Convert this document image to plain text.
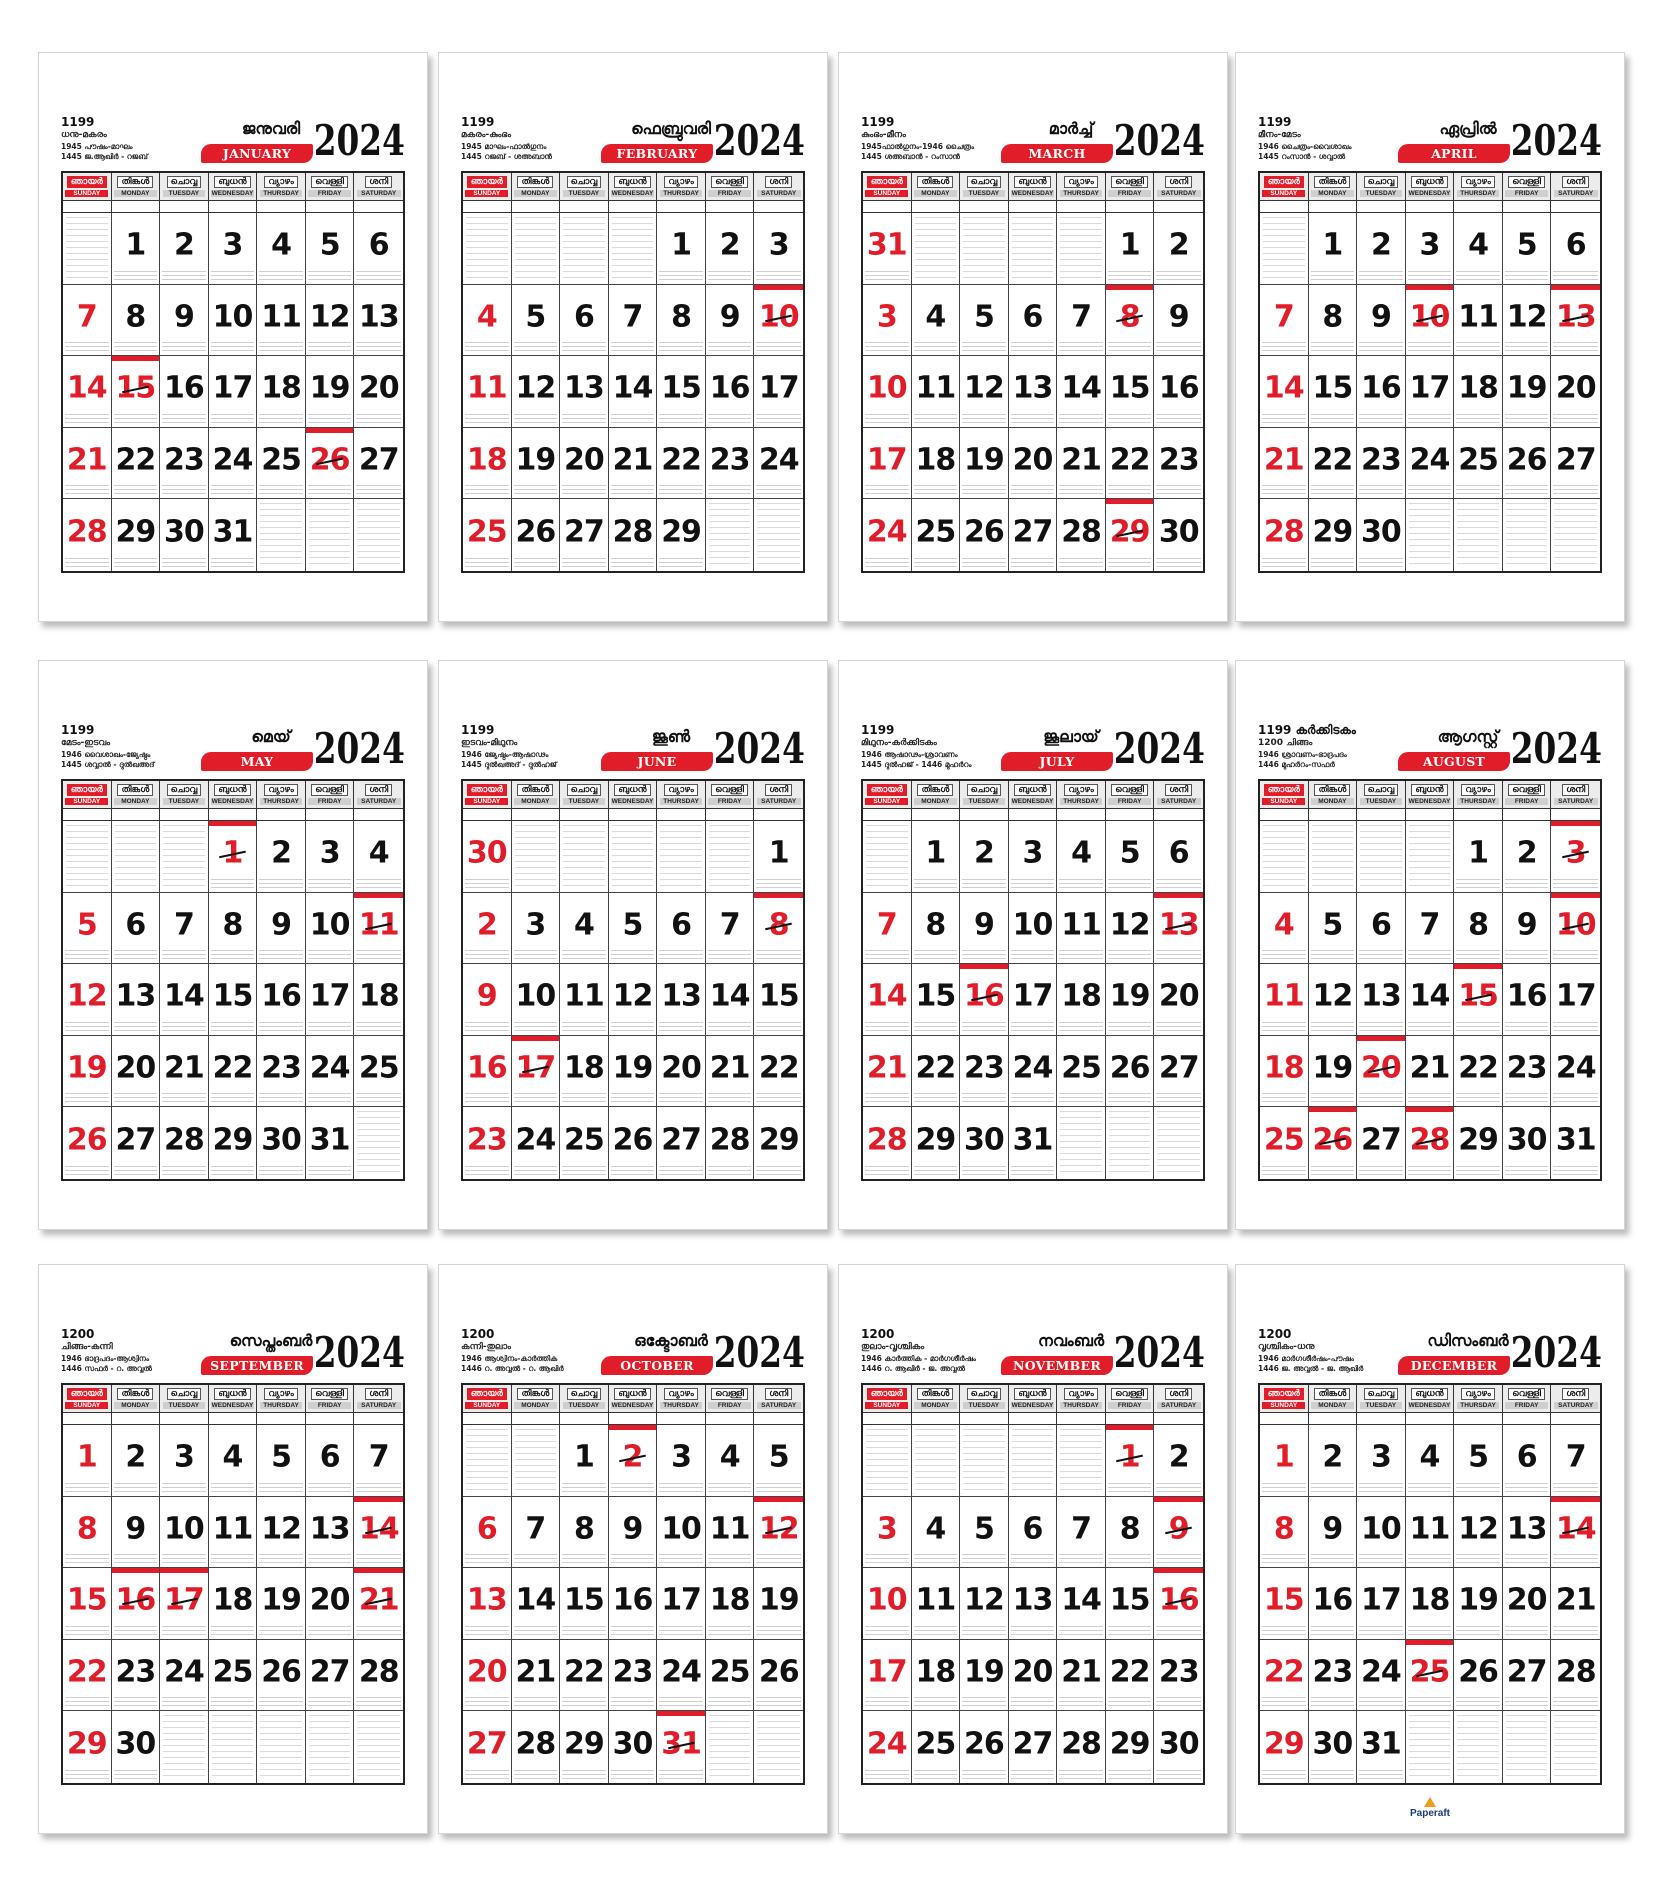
1199
ധനു-മകരം
1945 പൗഷം-മാഘം
1445 ജ.ആഖിർ - റജബ്
ജനുവരി
JANUARY 2024
ഞായർ
SUNDAY
തിങ്കൾ
MONDAY
ചൊവ്വ
TUESDAY
ബുധൻ
WEDNESDAY
വ്യാഴം
THURSDAY
വെള്ളി
FRIDAY
ശനി
SATURDAY
1 2 3 4 5 6
7 8 9 10 11 12 13
14 15 16 17 18 19 20
21 22 23 24 25 26 27
28 29 30 31
1199
മകരം-കുംഭം
1945 മാഘം-ഫാൽഗുനം
1445 റജബ് - ശഅബാൻ
ഫെബ്രുവരി
FEBRUARY 2024
ഞായർ
SUNDAY
തിങ്കൾ
MONDAY
ചൊവ്വ
TUESDAY
ബുധൻ
WEDNESDAY
വ്യാഴം
THURSDAY
വെള്ളി
FRIDAY
ശനി
SATURDAY
1 2 3
4 5 6 7 8 9 10
11 12 13 14 15 16 17
18 19 20 21 22 23 24
25 26 27 28 29
1199
കുംഭം-മീനം
1945ഫാൽഗുനം-1946 ചൈത്രം
1445 ശഅബാൻ - റംസാൻ
മാർച്ച്
MARCH 2024
ഞായർ
SUNDAY
തിങ്കൾ
MONDAY
ചൊവ്വ
TUESDAY
ബുധൻ
WEDNESDAY
വ്യാഴം
THURSDAY
വെള്ളി
FRIDAY
ശനി
SATURDAY
31	1 2
3 4 5 6 7 8 9
10 11 12 13 14 15 16
17 18 19 20 21 22 23
24 25 26 27 28 29 30
1199
മീനം-മേടം
1946 ചൈത്രം-വൈശാഖം
1445 റംസാൻ - ശവ്വാൽ
ഏപ്രിൽ
APRIL 2024
ഞായർ
SUNDAY
തിങ്കൾ
MONDAY
ചൊവ്വ
TUESDAY
ബുധൻ
WEDNESDAY
വ്യാഴം
THURSDAY
വെള്ളി
FRIDAY
ശനി
SATURDAY
1 2 3 4 5 6
7 8 9 10 11 12 13
14 15 16 17 18 19 20
21 22 23 24 25 26 27
28 29 30
1199
മേടം-ഇടവം
1946 വൈശാഖം-ജ്യേഷ്ഠം
1445 ശവ്വാൽ - ദുൽഖഅദ്
മെയ്
MAY 2024
ഞായർ
SUNDAY
തിങ്കൾ
MONDAY
ചൊവ്വ
TUESDAY
ബുധൻ
WEDNESDAY
വ്യാഴം
THURSDAY
വെള്ളി
FRIDAY
ശനി
SATURDAY
1 2 3 4
5 6 7 8 9 10 11
12 13 14 15 16 17 18
19 20 21 22 23 24 25
26 27 28 29 30 31
1199
ഇടവം-മിഥുനം
1946 ജ്യേഷ്ഠം-ആഷാഢം
1445 ദുൽഖഅദ് - ദുൽഹജ്
ജൂൺ
JUNE 2024
ഞായർ
SUNDAY
തിങ്കൾ
MONDAY
ചൊവ്വ
TUESDAY
ബുധൻ
WEDNESDAY
വ്യാഴം
THURSDAY
വെള്ളി
FRIDAY
ശനി
SATURDAY
30	1
2 3 4 5 6 7 8
9 10 11 12 13 14 15
16 17 18 19 20 21 22
23 24 25 26 27 28 29
1199
മിഥുനം-കർക്കിടകം
1946 ആഷാഢം-ശ്രാവണം
1445 ദുൽഹജ് - 1446 മുഹർറം
ജൂലായ്
JULY 2024
ഞായർ
SUNDAY
തിങ്കൾ
MONDAY
ചൊവ്വ
TUESDAY
ബുധൻ
WEDNESDAY
വ്യാഴം
THURSDAY
വെള്ളി
FRIDAY
ശനി
SATURDAY
1 2 3 4 5 6
7 8 9 10 11 12 13
14 15 16 17 18 19 20
21 22 23 24 25 26 27
28 29 30 31
1199 കർക്കിടകം
1200 ചിങ്ങം
1946 ശ്രാവണം-ഭാദ്രപദം
1446 മുഹർറം-സഫർ
ആഗസ്റ്റ്
AUGUST 2024
ഞായർ
SUNDAY
തിങ്കൾ
MONDAY
ചൊവ്വ
TUESDAY
ബുധൻ
WEDNESDAY
വ്യാഴം
THURSDAY
വെള്ളി
FRIDAY
ശനി
SATURDAY
1 2 3
4 5 6 7 8 9 10
11 12 13 14 15 16 17
18 19 20 21 22 23 24
25 26 27 28 29 30 31
1200
ചിങ്ങം-കന്നി
1946 ഭാദ്രപദം-ആശ്വിനം
1446 സഫർ - റ. അവ്വൽ
സെപ്തംബർ
SEPTEMBER 2024
ഞായർ
SUNDAY
തിങ്കൾ
MONDAY
ചൊവ്വ
TUESDAY
ബുധൻ
WEDNESDAY
വ്യാഴം
THURSDAY
വെള്ളി
FRIDAY
ശനി
SATURDAY
1 2 3 4 5 6 7
8 9 10 11 12 13 14
15 16 17 18 19 20 21
22 23 24 25 26 27 28
29 30
1200
കന്നി-തുലാം
1946 ആശ്വിനം-കാർത്തിക
1446 റ. അവ്വൽ - റ. ആഖിർ
ഒക്ടോബർ
OCTOBER 2024
ഞായർ
SUNDAY
തിങ്കൾ
MONDAY
ചൊവ്വ
TUESDAY
ബുധൻ
WEDNESDAY
വ്യാഴം
THURSDAY
വെള്ളി
FRIDAY
ശനി
SATURDAY
1 2 3 4 5
6 7 8 9 10 11 12
13 14 15 16 17 18 19
20 21 22 23 24 25 26
27 28 29 30 31
1200
തുലാം-വൃശ്ചികം
1946 കാർത്തിക - മാർഗശീർഷം
1446 റ. ആഖിർ - ജ. അവ്വൽ
നവംബർ
NOVEMBER 2024
ഞായർ
SUNDAY
തിങ്കൾ
MONDAY
ചൊവ്വ
TUESDAY
ബുധൻ
WEDNESDAY
വ്യാഴം
THURSDAY
വെള്ളി
FRIDAY
ശനി
SATURDAY
1 2
3 4 5 6 7 8 9
10 11 12 13 14 15 16
17 18 19 20 21 22 23
24 25 26 27 28 29 30
1200
വൃശ്ചികം-ധനു
1946 മാർഗശീർഷം-പൗഷം
1446 ജ. അവ്വൽ - ജ. ആഖിർ
ഡിസംബർ
DECEMBER 2024
ഞായർ
SUNDAY
തിങ്കൾ
MONDAY
ചൊവ്വ
TUESDAY
ബുധൻ
WEDNESDAY
വ്യാഴം
THURSDAY
വെള്ളി
FRIDAY
ശനി
SATURDAY
1 2 3 4 5 6 7
8 9 10 11 12 13 14
15 16 17 18 19 20 21
22 23 24 25 26 27 28
29 30 31
Paperaft
